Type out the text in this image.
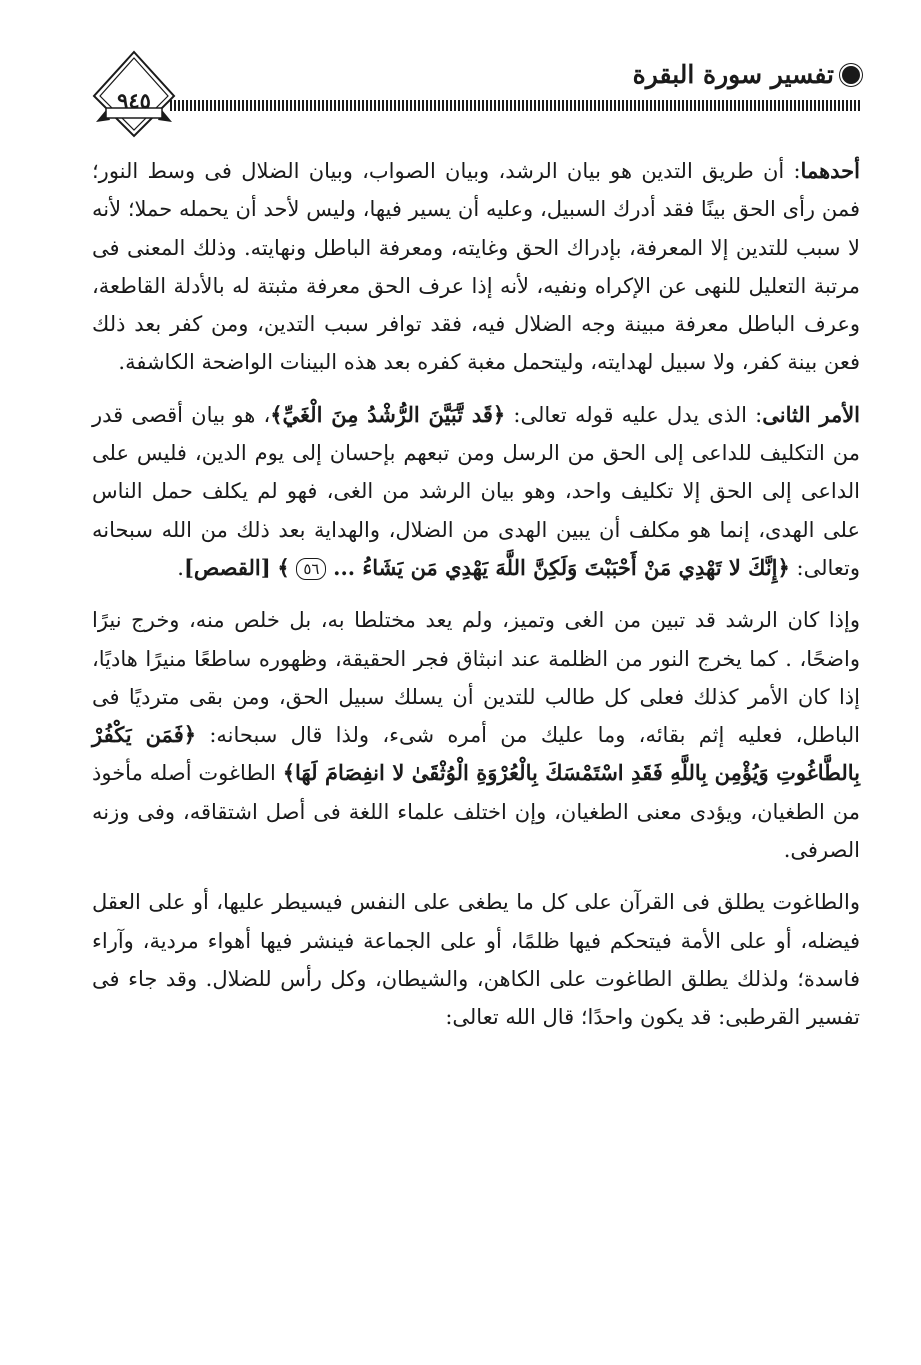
تفسير سورة البقرة
٩٤٥

أحدهما: أن طريق التدين هو بيان الرشد، وبيان الصواب، وبيان الضلال فى وسط النور؛ فمن رأى الحق بينًا فقد أدرك السبيل، وعليه أن يسير فيها، وليس لأحد أن يحمله حملا؛ لأنه لا سبب للتدين إلا المعرفة، بإدراك الحق وغايته، ومعرفة الباطل ونهايته. وذلك المعنى فى مرتبة التعليل للنهى عن الإكراه ونفيه، لأنه إذا عرف الحق معرفة مثبتة له بالأدلة القاطعة، وعرف الباطل معرفة مبينة وجه الضلال فيه، فقد توافر سبب التدين، ومن كفر بعد ذلك فعن بينة كفر، ولا سبيل لهدايته، وليتحمل مغبة كفره بعد هذه البينات الواضحة الكاشفة.

الأمر الثانى: الذى يدل عليه قوله تعالى: ﴿قَد تَّبَيَّنَ الرُّشْدُ مِنَ الْغَيِّ﴾، هو بيان أقصى قدر من التكليف للداعى إلى الحق من الرسل ومن تبعهم بإحسان إلى يوم الدين، فليس على الداعى إلى الحق إلا تكليف واحد، وهو بيان الرشد من الغى، فهو لم يكلف حمل الناس على الهدى، إنما هو مكلف أن يبين الهدى من الضلال، والهداية بعد ذلك من الله سبحانه وتعالى: ﴿إِنَّكَ لا تَهْدِي مَنْ أَحْبَبْتَ وَلَكِنَّ اللَّهَ يَهْدِي مَن يَشَاءُ ... ٥٦ ﴾ [القصص].

وإذا كان الرشد قد تبين من الغى وتميز، ولم يعد مختلطا به، بل خلص منه، وخرج نيرًا واضحًا، . كما يخرج النور من الظلمة عند انبثاق فجر الحقيقة، وظهوره ساطعًا منيرًا هاديًا، إذا كان الأمر كذلك فعلى كل طالب للتدين أن يسلك سبيل الحق، ومن بقى مترديًا فى الباطل، فعليه إثم بقائه، وما عليك من أمره شىء، ولذا قال سبحانه: ﴿فَمَن يَكْفُرْ بِالطَّاغُوتِ وَيُؤْمِن بِاللَّهِ فَقَدِ اسْتَمْسَكَ بِالْعُرْوَةِ الْوُثْقَىٰ لا انفِصَامَ لَهَا﴾ الطاغوت أصله مأخوذ من الطغيان، ويؤدى معنى الطغيان، وإن اختلف علماء اللغة فى أصل اشتقاقه، وفى وزنه الصرفى.

والطاغوت يطلق فى القرآن على كل ما يطغى على النفس فيسيطر عليها، أو على العقل فيضله، أو على الأمة فيتحكم فيها ظلمًا، أو على الجماعة فينشر فيها أهواء مردية، وآراء فاسدة؛ ولذلك يطلق الطاغوت على الكاهن، والشيطان، وكل رأس للضلال. وقد جاء فى تفسير القرطبى: قد يكون واحدًا؛ قال الله تعالى:
